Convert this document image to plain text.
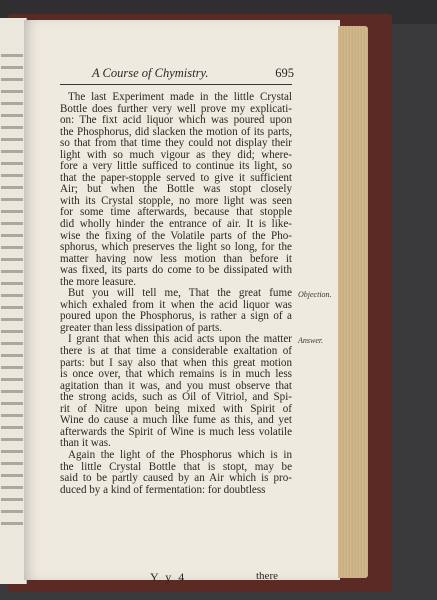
A Course of Chymistry.	695
The last Experiment made in the little Crystal
Bottle does further very well prove my explicati-
on: The fixt acid liquor which was poured upon
the Phosphorus, did slacken the motion of its parts,
so that from that time they could not display their
light with so much vigour as they did; where-
fore a very little sufficed to continue its light, so
that the paper-stopple served to give it sufficient
Air; but when the Bottle was stopt closely
with its Crystal stopple, no more light was seen
for some time afterwards, because that stopple
did wholly hinder the entrance of air. It is like-
wise the fixing of the Volatile parts of the Pho-
sphorus, which preserves the light so long, for the
matter having now less motion than before it
was fixed, its parts do come to be dissipated with
the more leasure.
But you will tell me, That the great fume
which exhaled from it when the acid liquor was
poured upon the Phosphorus, is rather a sign of a
greater than less dissipation of parts.
I grant that when this acid acts upon the matter
there is at that time a considerable exaltation of
parts: but I say also that when this great motion
is once over, that which remains is in much less
agitation than it was, and you must observe that
the strong acids, such as Oil of Vitriol, and Spi-
rit of Nitre upon being mixed with Spirit of
Wine do cause a much like fume as this, and yet
afterwards the Spirit of Wine is much less volatile
than it was.
Again the light of the Phosphorus which is in
the little Crystal Bottle that is stopt, may be
said to be partly caused by an Air which is pro-
duced by a kind of fermentation: for doubtless
Objection.
Answer.
Y y 4	there
